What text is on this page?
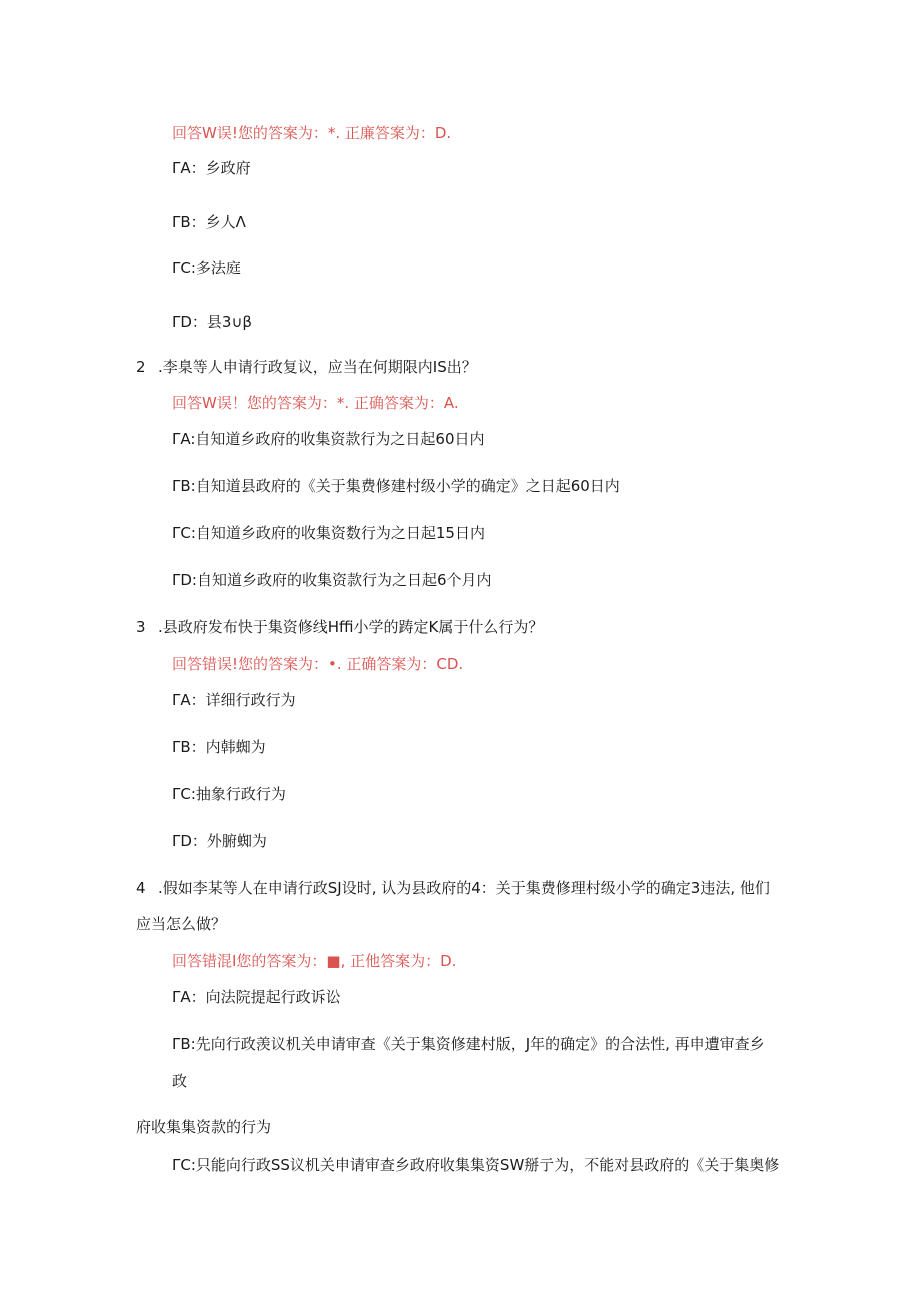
回答W误!您的答案为：*. 正廉答案为：D.
ΓA：乡政府
ΓB：乡人Λ
ΓC:多法庭
ΓD：县3∪β
2 .李臬等人申请行政复议，应当在何期限内IS出？
回答W误！您的答案为：*. 正确答案为：A.
ΓA:自知道乡政府的收集资款行为之日起60日内
ΓB:自知道县政府的《关于集费修建村级小学的确定》之日起60日内
ΓC:自知道乡政府的收集资数行为之日起15日内
ΓD:自知道乡政府的收集资款行为之日起6个月内
3 .县政府发布快于集资修线Hffi小学的踌定K属于什么行为？
回答错误!您的答案为：•. 正确答案为：CD.
ΓA：详细行政行为
ΓB：内韩蜘为
ΓC:抽象行政行为
ΓD：外腑蜘为
4 .假如李某等人在申请行政SJ设时, 认为县政府的4：关于集费修理村级小学的确定3违法, 他们
应当怎么做？
回答错混I您的答案为：■, 正他答案为：D.
ΓA：向法院提起行政诉讼
ΓB:先向行政羡议机关申请审查《关于集资修建村版，J年的确定》的合法性, 再申遭审查乡
政
府收集集资款的行为
ΓC:只能向行政SS议机关申请审查乡政府收集集资SW掰亍为，不能对县政府的《关于集奥修
